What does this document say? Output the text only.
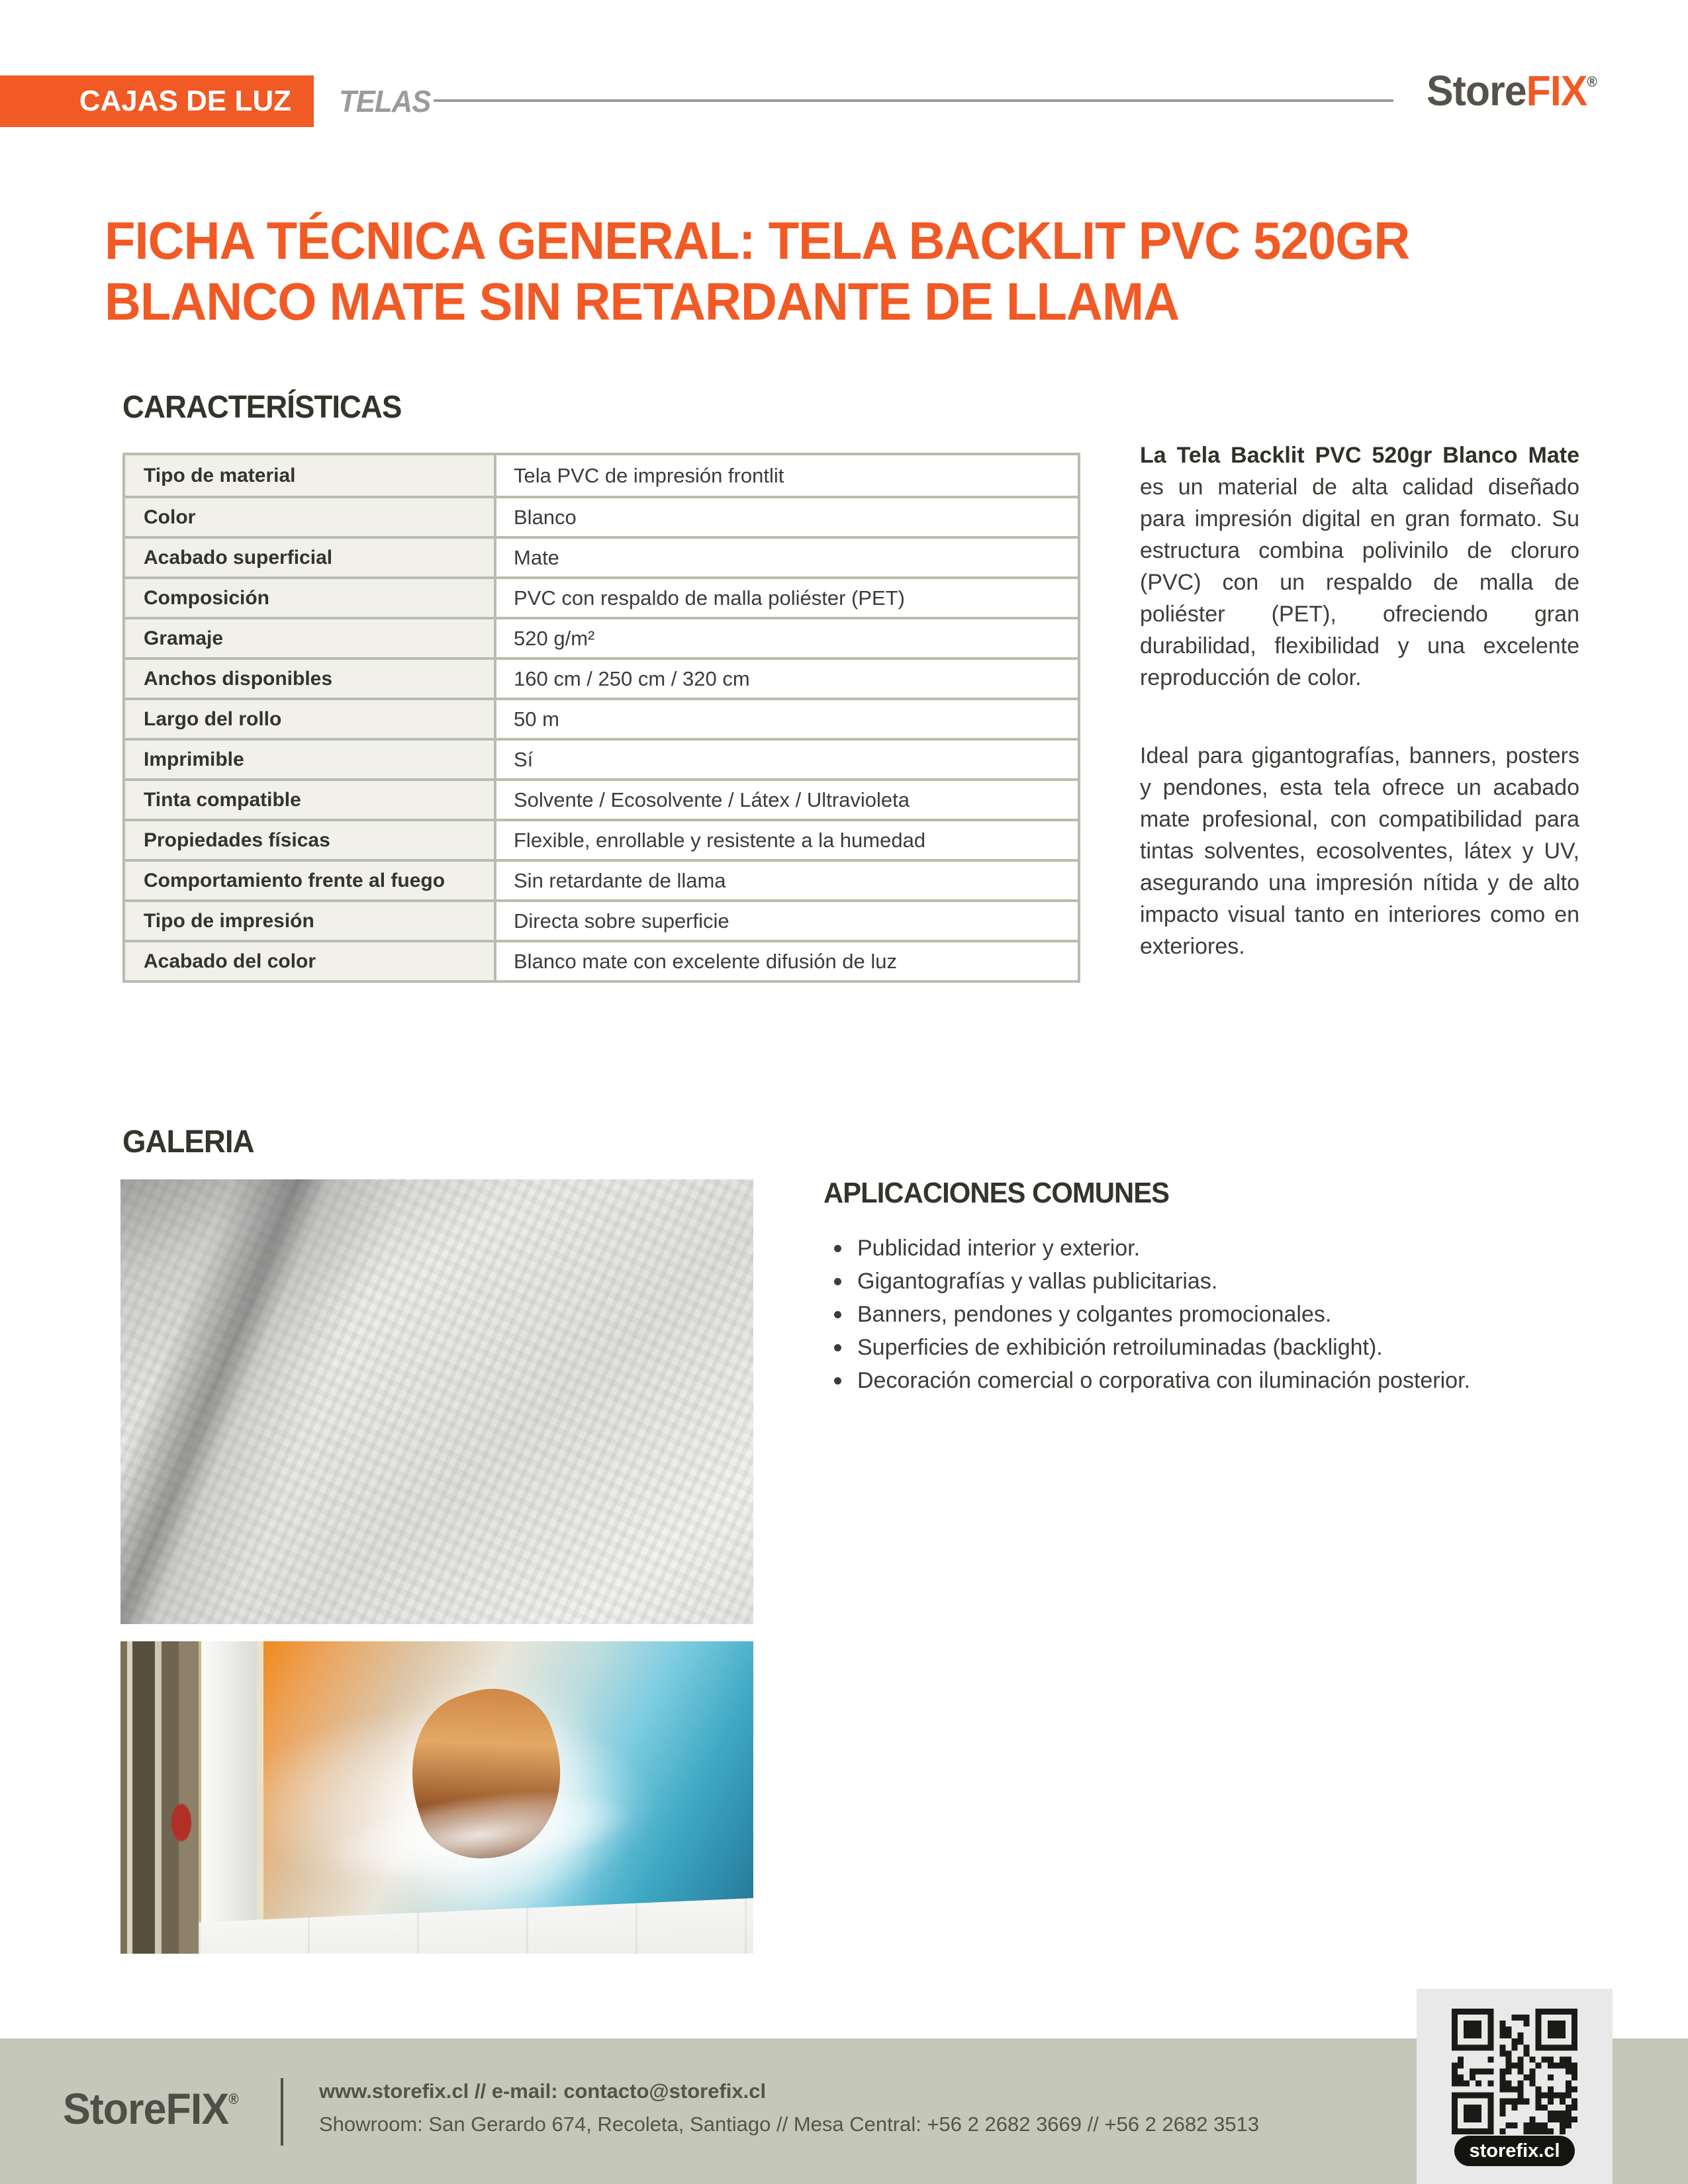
CAJAS DE LUZ TELAS	StoreFIX®
FICHA TÉCNICA GENERAL: TELA BACKLIT PVC 520GR
BLANCO MATE SIN RETARDANTE DE LLAMA
CARACTERÍSTICAS
Tipo de material	Tela PVC de impresión frontlit
Color	Blanco
Acabado superficial	Mate
Composición	PVC con respaldo de malla poliéster (PET)
Gramaje	520 g/m²
Anchos disponibles	160 cm / 250 cm / 320 cm
Largo del rollo	50 m
Imprimible	Sí
Tinta compatible	Solvente / Ecosolvente / Látex / Ultravioleta
Propiedades físicas	Flexible, enrollable y resistente a la humedad
Comportamiento frente al fuego	Sin retardante de llama
Tipo de impresión	Directa sobre superficie
Acabado del color	Blanco mate con excelente difusión de luz

La Tela Backlit PVC 520gr Blanco Mate es un material de alta calidad diseñado para impresión digital en gran formato. Su estructura combina polivinilo de cloruro (PVC) con un respaldo de malla de poliéster (PET), ofreciendo gran durabilidad, flexibilidad y una excelente reproducción de color.

Ideal para gigantografías, banners, posters y pendones, esta tela ofrece un acabado mate profesional, con compatibilidad para tintas solventes, ecosolventes, látex y UV, asegurando una impresión nítida y de alto impacto visual tanto en interiores como en exteriores.

GALERIA
APLICACIONES COMUNES
Publicidad interior y exterior.
Gigantografías y vallas publicitarias.
Banners, pendones y colgantes promocionales.
Superficies de exhibición retroiluminadas (backlight).
Decoración comercial o corporativa con iluminación posterior.
StoreFIX®	www.storefix.cl // e-mail: contacto@storefix.cl
Showroom: San Gerardo 674, Recoleta, Santiago // Mesa Central: +56 2 2682 3669 // +56 2 2682 3513
storefix.cl
